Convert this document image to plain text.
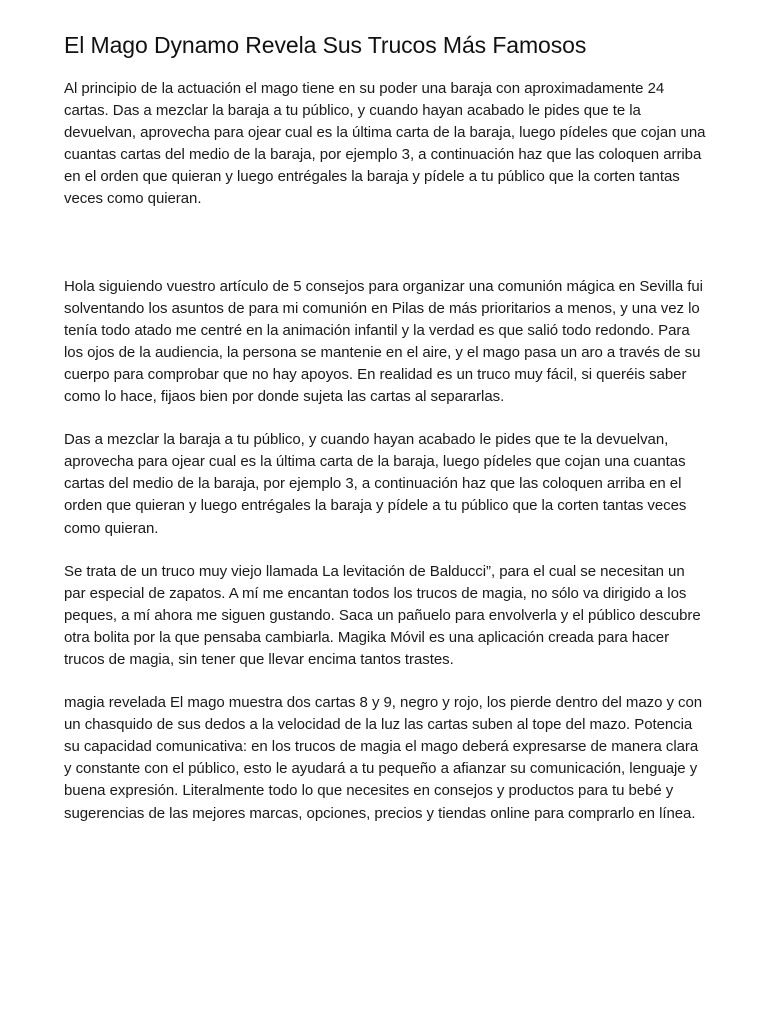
El Mago Dynamo Revela Sus Trucos Más Famosos

Al principio de la actuación el mago tiene en su poder una baraja con aproximadamente 24 cartas. Das a mezclar la baraja a tu público, y cuando hayan acabado le pides que te la devuelvan, aprovecha para ojear cual es la última carta de la baraja, luego pídeles que cojan una cuantas cartas del medio de la baraja, por ejemplo 3, a continuación haz que las coloquen arriba en el orden que quieran y luego entrégales la baraja y pídele a tu público que la corten tantas veces como quieran.

Hola siguiendo vuestro artículo de 5 consejos para organizar una comunión mágica en Sevilla fui solventando los asuntos de para mi comunión en Pilas de más prioritarios a menos, y una vez lo tenía todo atado me centré en la animación infantil y la verdad es que salió todo redondo. Para los ojos de la audiencia, la persona se mantenie en el aire, y el mago pasa un aro a través de su cuerpo para comprobar que no hay apoyos. En realidad es un truco muy fácil, si queréis saber como lo hace, fijaos bien por donde sujeta las cartas al separarlas.

Das a mezclar la baraja a tu público, y cuando hayan acabado le pides que te la devuelvan, aprovecha para ojear cual es la última carta de la baraja, luego pídeles que cojan una cuantas cartas del medio de la baraja, por ejemplo 3, a continuación haz que las coloquen arriba en el orden que quieran y luego entrégales la baraja y pídele a tu público que la corten tantas veces como quieran.

Se trata de un truco muy viejo llamada La levitación de Balducci”, para el cual se necesitan un par especial de zapatos. A mí me encantan todos los trucos de magia, no sólo va dirigido a los peques, a mí ahora me siguen gustando. Saca un pañuelo para envolverla y el público descubre otra bolita por la que pensaba cambiarla. Magika Móvil es una aplicación creada para hacer trucos de magia, sin tener que llevar encima tantos trastes.

magia revelada El mago muestra dos cartas 8 y 9, negro y rojo, los pierde dentro del mazo y con un chasquido de sus dedos a la velocidad de la luz las cartas suben al tope del mazo. Potencia su capacidad comunicativa: en los trucos de magia el mago deberá expresarse de manera clara y constante con el público, esto le ayudará a tu pequeño a afianzar su comunicación, lenguaje y buena expresión. Literalmente todo lo que necesites en consejos y productos para tu bebé y sugerencias de las mejores marcas, opciones, precios y tiendas online para comprarlo en línea.
